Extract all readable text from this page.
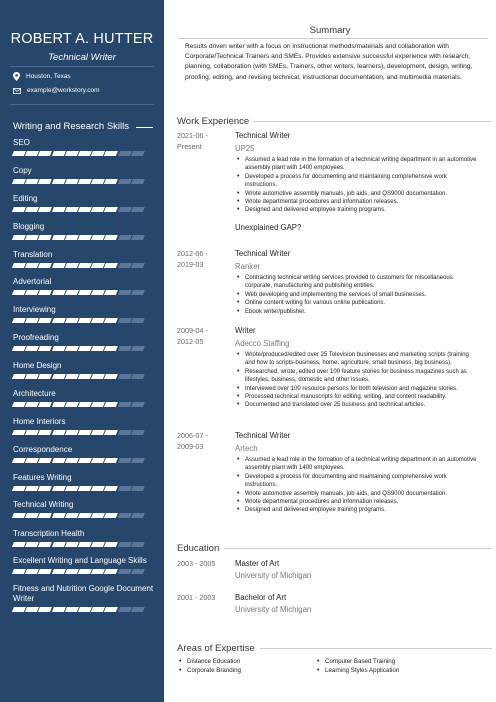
ROBERT A. HUTTER
Technical Writer
Houston, Texas
example@workstory.com
Writing and Research Skills
SEO
Copy
Editing
Blogging
Translation
Advertorial
Interviewing
Proofreading
Home Design
Architecture
Home Interiors
Correspondence
Features Writing
Technical Writing
Transcription Health
Excellent Writing and Language Skills
Fitness and Nutrition Google Document Writer
Summary
Results driven writer with a focus on instructional methods/materials and collaboration with Corporate/Technical Trainers and SMEs. Provides extensive successful experience with research, planning, collaboration (with SMEs, Trainers, other writers, learners), development, design, writing, proofing, editing, and revising technical, instructional documentation, and multimedia materials.
Work Experience
2021-06 -
Present
Technical Writer
UP25
• Assumed a lead role in the formation of a technical writing department in an automotive assembly plant with 1400 employees.
• Developed a process for documenting and maintaining comprehensive work instructions.
• Wrote automotive assembly manuals, job aids, and QS9000 documentation.
• Wrote departmental procedures and information releases.
• Designed and delivered employee training programs.
Unexplained GAP?
2012-06 -
2019-03
Technical Writer
Ranker
• Contracting technical writing services provided to customers for miscellaneous corporate, manufacturing and publishing entities.
• Web developing and implementing the services of small businesses.
• Online content writing for various online publications.
• Ebook writer/publisher.
2009-04 -
2012-05
Writer
Adecco Staffing
• Wrote/produced/edited over 25 Television businesses and marketing scripts (training and how to scripts-business, home, agriculture, small business, big business).
• Researched, wrote, edited over 100 feature stories for business magazines such as lifestyles, business, domestic and other issues.
• Interviewed over 100 resource persons for both television and magazine stories.
• Processed technical manuscripts for editing, writing, and content readability.
• Documented and translated over 25 business and technical articles.
2006-07 -
2009-03
Technical Writer
Artech
• Assumed a lead role in the formation of a technical writing department in an automotive assembly plant with 1400 employees.
• Developed a process for documenting and maintaining comprehensive work instructions.
• Wrote automotive assembly manuals, job aids, and QS9000 documentation.
• Wrote departmental procedures and information releases.
• Designed and delivered employee training programs.
Education
2003 - 2005	Master of Art
University of Michigan
2001 - 2003	Bachelor of Art
University of Michigan
Areas of Expertise
• Distance Education
• Corporate Branding
• Computer Based Training
• Learning Styles Application
